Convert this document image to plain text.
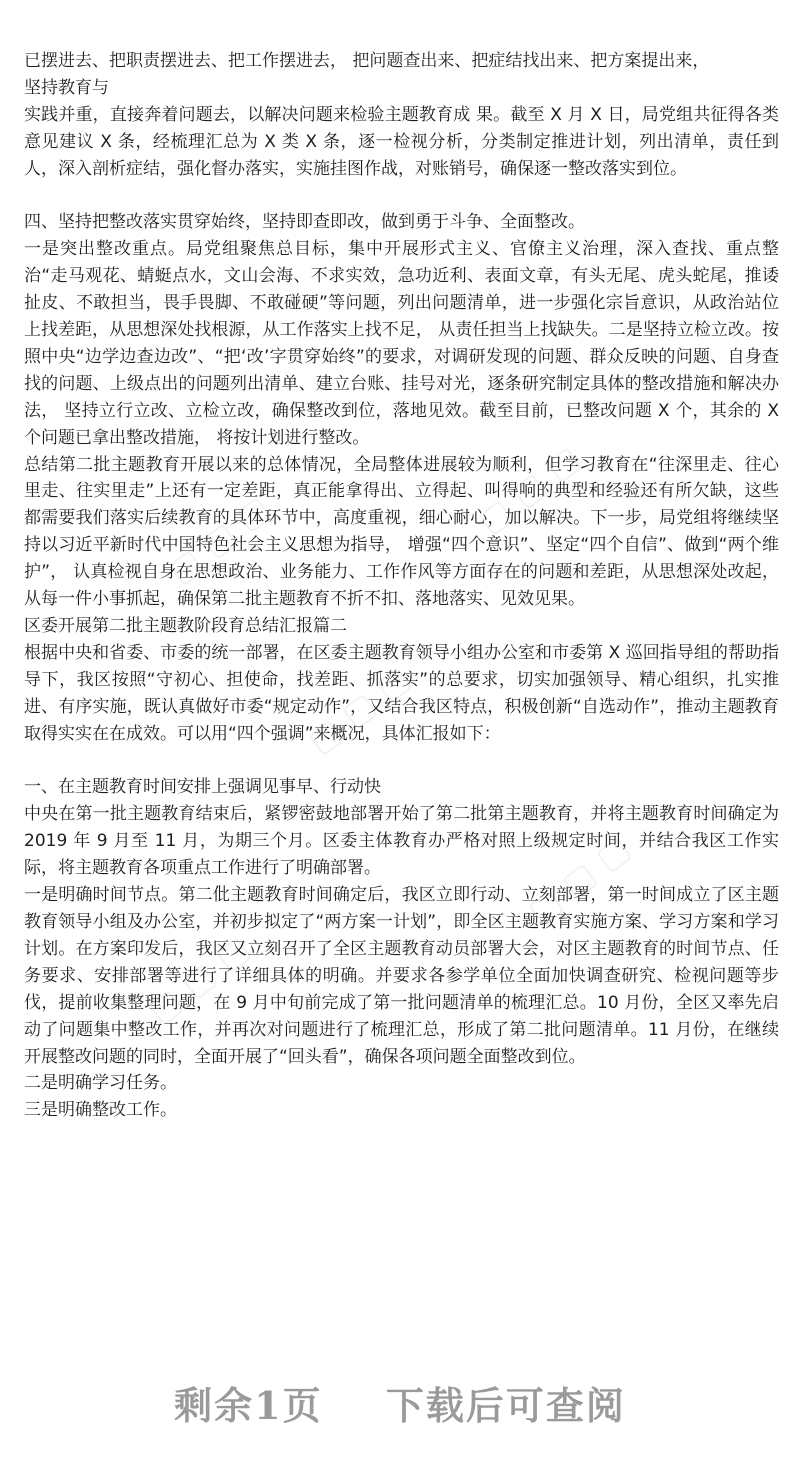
▢ ▢ ▢	▢ ▢ ▢
▢ ▢ ▢
▢ ▢ ▢
▢ ▢ ▢

已摆进去、把职责摆进去、把工作摆进去， 把问题查出来、把症结找出来、把方案提出来，
坚持教育与

实践并重，直接奔着问题去，以解决问题来检验主题教育成 果。截至 X 月 X 日，局党组共征得各类意见建议 X 条，经梳理汇总为 X 类 X 条，逐一检视分析，分类制定推进计划，列出清单，责任到人，深入剖析症结，强化督办落实，实施挂图作战，对账销号，确保逐一整改落实到位。

四、坚持把整改落实贯穿始终，坚持即查即改，做到勇于斗争、全面整改。

一是突出整改重点。局党组聚焦总目标，集中开展形式主义、官僚主义治理，深入查找、重点整治“走马观花、蜻蜓点水，文山会海、不求实效，急功近利、表面文章，有头无尾、虎头蛇尾，推诿扯皮、不敢担当，畏手畏脚、不敢碰硬”等问题，列出问题清单，进一步强化宗旨意识，从政治站位上找差距，从思想深处找根源，从工作落实上找不足， 从责任担当上找缺失。二是坚持立检立改。按照中央“边学边查边改”、“把‘改’字贯穿始终”的要求，对调研发现的问题、群众反映的问题、自身查找的问题、上级点出的问题列出清单、建立台账、挂号对光，逐条研究制定具体的整改措施和解决办法， 坚持立行立改、立检立改，确保整改到位，落地见效。截至目前，已整改问题 X 个，其余的 X 个问题已拿出整改措施， 将按计划进行整改。

总结第二批主题教育开展以来的总体情况，全局整体进展较为顺利，但学习教育在“往深里走、往心里走、往实里走”上还有一定差距，真正能拿得出、立得起、叫得响的典型和经验还有所欠缺，这些都需要我们落实后续教育的具体环节中，高度重视，细心耐心，加以解决。下一步，局党组将继续坚持以习近平新时代中国特色社会主义思想为指导， 增强“四个意识”、坚定“四个自信”、做到“两个维护”， 认真检视自身在思想政治、业务能力、工作作风等方面存在的问题和差距，从思想深处改起，从每一件小事抓起，确保第二批主题教育不折不扣、落地落实、见效见果。

区委开展第二批主题教阶段育总结汇报篇二

根据中央和省委、市委的统一部署，在区委主题教育领导小组办公室和市委第 X 巡回指导组的帮助指导下，我区按照“守初心、担使命，找差距、抓落实”的总要求，切实加强领导、精心组织，扎实推进、有序实施，既认真做好市委“规定动作”，又结合我区特点，积极创新“自选动作”，推动主题教育取得实实在在成效。可以用“四个强调”来概况，具体汇报如下：

一、在主题教育时间安排上强调见事早、行动快

中央在第一批主题教育结束后，紧锣密鼓地部署开始了第二批第主题教育，并将主题教育时间确定为 2019 年 9 月至 11 月，为期三个月。区委主体教育办严格对照上级规定时间，并结合我区工作实际，将主题教育各项重点工作进行了明确部署。

一是明确时间节点。第二仳主题教育时间确定后，我区立即行动、立刻部署，第一时间成立了区主题教育领导小组及办公室，并初步拟定了“两方案一计划”，即全区主题教育实施方案、学习方案和学习计划。在方案印发后，我区又立刻召开了全区主题教育动员部署大会，对区主题教育的时间节点、任务要求、安排部署等进行了详细具体的明确。并要求各参学单位全面加快调查研究、检视问题等步伐，提前收集整理问题，在 9 月中旬前完成了第一批问题清单的梳理汇总。10 月份，全区又率先启动了问题集中整改工作，并再次对问题进行了梳理汇总，形成了第二批问题清单。11 月份，在继续开展整改问题的同时，全面开展了“回头看”，确保各项问题全面整改到位。

二是明确学习任务。

三是明确整改工作。

剩余1页 下载后可查阅
